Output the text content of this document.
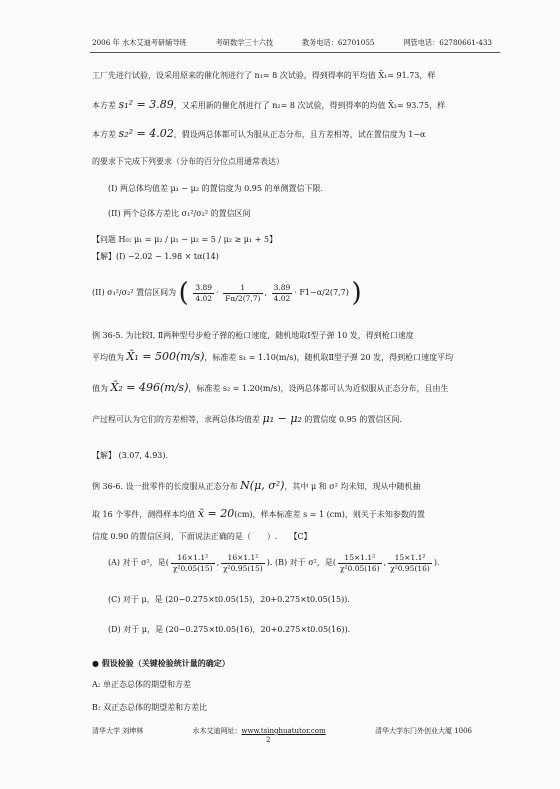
2006 年 水木艾迪考研辅导班	考研数学三十六技	教务电话：62701055	网管电话：62780661-433
工厂先进行试验，设采用原来的催化剂进行了 n₁= 8 次试验，得到得率的平均值 X̄₁= 91.73，样
本方差 s₁² = 3.89，又采用新的催化剂进行了 n₂= 8 次试验，得到得率的均值 X̄₂= 93.75，样
本方差 s₂² = 4.02，假设两总体都可认为服从正态分布，且方差相等，试在置信度为 1−α
的要求下完成下列要求（分布的百分位点用通常表达）
(I) 两总体均值差 μ₁ − μ₂ 的置信度为 0.95 的单侧置信下限.
(II) 两个总体方差比 σ₁²/σ₂² 的置信区间
【问题 H₀: μ₁ = μ₂ / μ₁ − μ₂ = 5 / μ₂ ≥ μ₁ + 5】
【解】(I) −2.02 − 1.98 × tα(14)
(II) σ₁²/σ₂² 置信区间为 ( $\frac{3.89}{4.02} \cdot \frac{1}{F\alpha/2(7,7)}$ , $\frac{3.89}{4.02} \cdot F1-\alpha/2(7,7)$ )
例 36-5. 为比较Ⅰ, Ⅱ两种型号步枪子弹的枪口速度，随机地取Ⅰ型子弹 10 发，得到枪口速度
平均值为 X̄₁ = 500(m/s)，标准差 s₁ = 1.10(m/s)，随机取Ⅱ型子弹 20 发，得到枪口速度平均
值为 X̄₂ = 496(m/s)，标准差 s₂ = 1.20(m/s)，设两总体都可认为近似服从正态分布，且由生
产过程可认为它们的方差相等，求两总体均值差 μ₁ − μ₂ 的置信度 0.95 的置信区间.
【解】 (3.07, 4.93).
例 36-6. 设一批零件的长度服从正态分布 N(μ, σ²)，其中 μ 和 σ² 均未知，现从中随机抽
取 16 个零件，测得样本均值 x̄ = 20(cm)，样本标准差 s = 1 (cm)，则关于未知参数的置
信度 0.90 的置信区间，下面说法正确的是（　　）.　　【C】
(A) 对于 σ²，是( $\frac{\text{16×1.1²}}{\text{χ²0.05(15)}}$ , $\frac{\text{16×1.1²}}{\text{χ²0.95(15)}}$ ). (B) 对于 σ²，是( $\frac{\text{15×1.1²}}{\text{χ²0.05(16)}}$ , $\frac{\text{15×1.1²}}{\text{χ²0.95(16)}}$ ).
(C) 对于 μ，是 (20−0.275×t0.05(15)，20+0.275×t0.05(15)).
(D) 对于 μ，是 (20−0.275×t0.05(16)，20+0.275×t0.05(16)).
● 假设检验（关键检验统计量的确定）
A: 单正态总体的期望和方差
B: 双正态总体的期望差和方差比
清华大学 刘坤林	水木艾迪网址：www.tsinghuatutor.com	清华大学东门外创业大厦 1006
2
